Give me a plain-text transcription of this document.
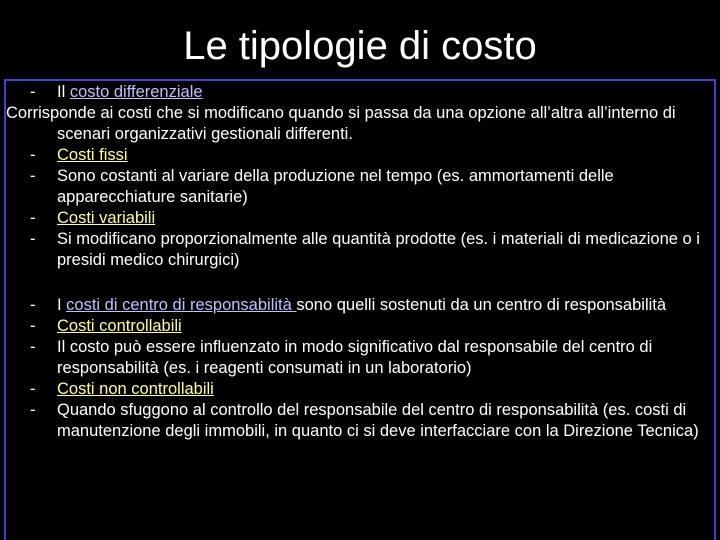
Le tipologie di costo
- Il costo differenziale
Corrisponde ai costi che si modificano quando si passa da una opzione all’altra all’interno di scenari organizzativi gestionali differenti.
- Costi fissi
- Sono costanti al variare della produzione nel tempo (es. ammortamenti delle apparecchiature sanitarie)
- Costi variabili
- Si modificano proporzionalmente alle quantità prodotte (es. i materiali di medicazione o i presidi medico chirurgici)
- I costi di centro di responsabilità sono quelli sostenuti da un centro di responsabilità
- Costi controllabili
- Il costo può essere influenzato in modo significativo dal responsabile del centro di responsabilità (es. i reagenti consumati in un laboratorio)
- Costi non controllabili
- Quando sfuggono al controllo del responsabile del centro di responsabilità (es. costi di manutenzione degli immobili, in quanto ci si deve interfacciare con la Direzione Tecnica)
